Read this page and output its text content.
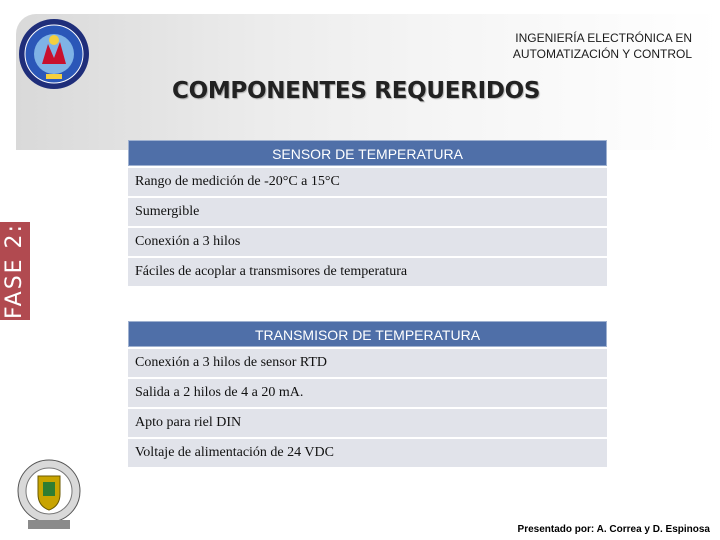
INGENIERÍA ELECTRÓNICA EN
AUTOMATIZACIÓN Y CONTROL
COMPONENTES REQUERIDOS
FASE 2:
SENSOR DE TEMPERATURA
Rango de medición de -20°C a 15°C
Sumergible
Conexión a 3 hilos
Fáciles de acoplar a transmisores de temperatura
TRANSMISOR DE TEMPERATURA
Conexión a 3 hilos de sensor RTD
Salida a 2 hilos de 4 a 20 mA.
Apto para riel DIN
Voltaje de alimentación de 24 VDC
Presentado por: A. Correa y D. Espinosa
